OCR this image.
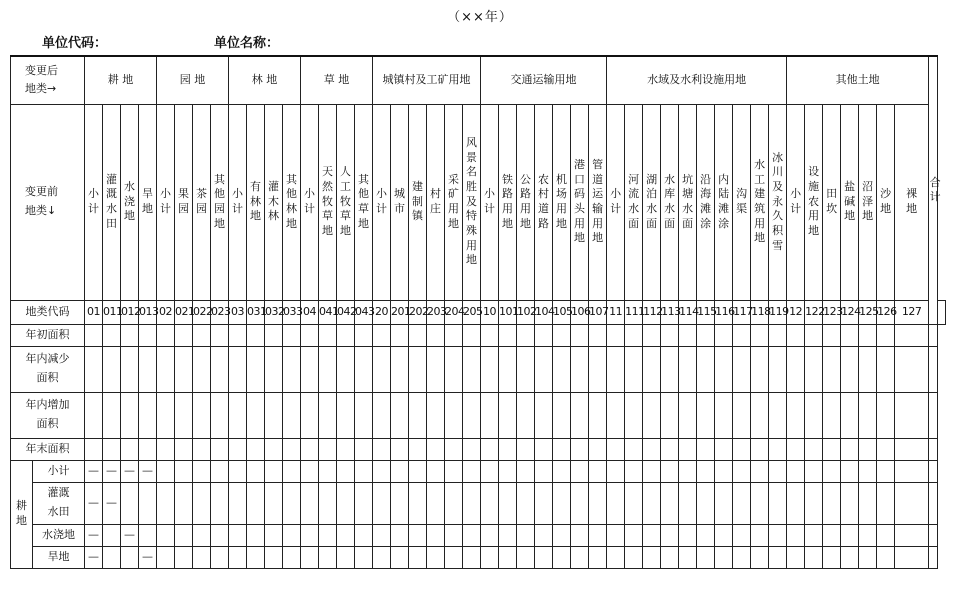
（××年）
单位代码：	单位名称：
变更后
地类→		耕 地				园 地				林 地				草 地				城镇村及工矿用地						交通运输用地							水域及水利设施用地										其他土地							合计	

变更前
地类↓		小计	灌溉水田	水浇地	旱地	小计	果园	茶园	其他园地	小计	有林地	灌木林	其他林地	小计	天然牧草地	人工牧草地	其他草地	小计	城市	建制镇	村庄	采矿用地	风景名胜及特殊用地	小计	铁路用地	公路用地	农村道路	机场用地	港口码头用地	管道运输用地	小计	河流水面	湖泊水面	水库水面	坑塘水面	沿海滩涂	内陆滩涂	沟渠	水工建筑用地	冰川及永久积雪	小计	设施农用地	田坎	盐碱地	沼泽地	沙地	裸地		
地类代码		01	011	012	013	02	021	022	023	03	031	032	033	04	041	042	043	20	201	202	203	204	205	10	101	102	104	105	106	107	11	111	112	113	114	115	116	117	118	119	12	122	123	124	125	126	127		
年初面积																																																	
年内减少面积																																																	
年内增加面积																																																	
年末面积																																																	
耕地	小计	—	—	—	—																																												
	灌溉水田	—	—																																														
	水浇地	—		—																																													
	旱地	—			—																																												
